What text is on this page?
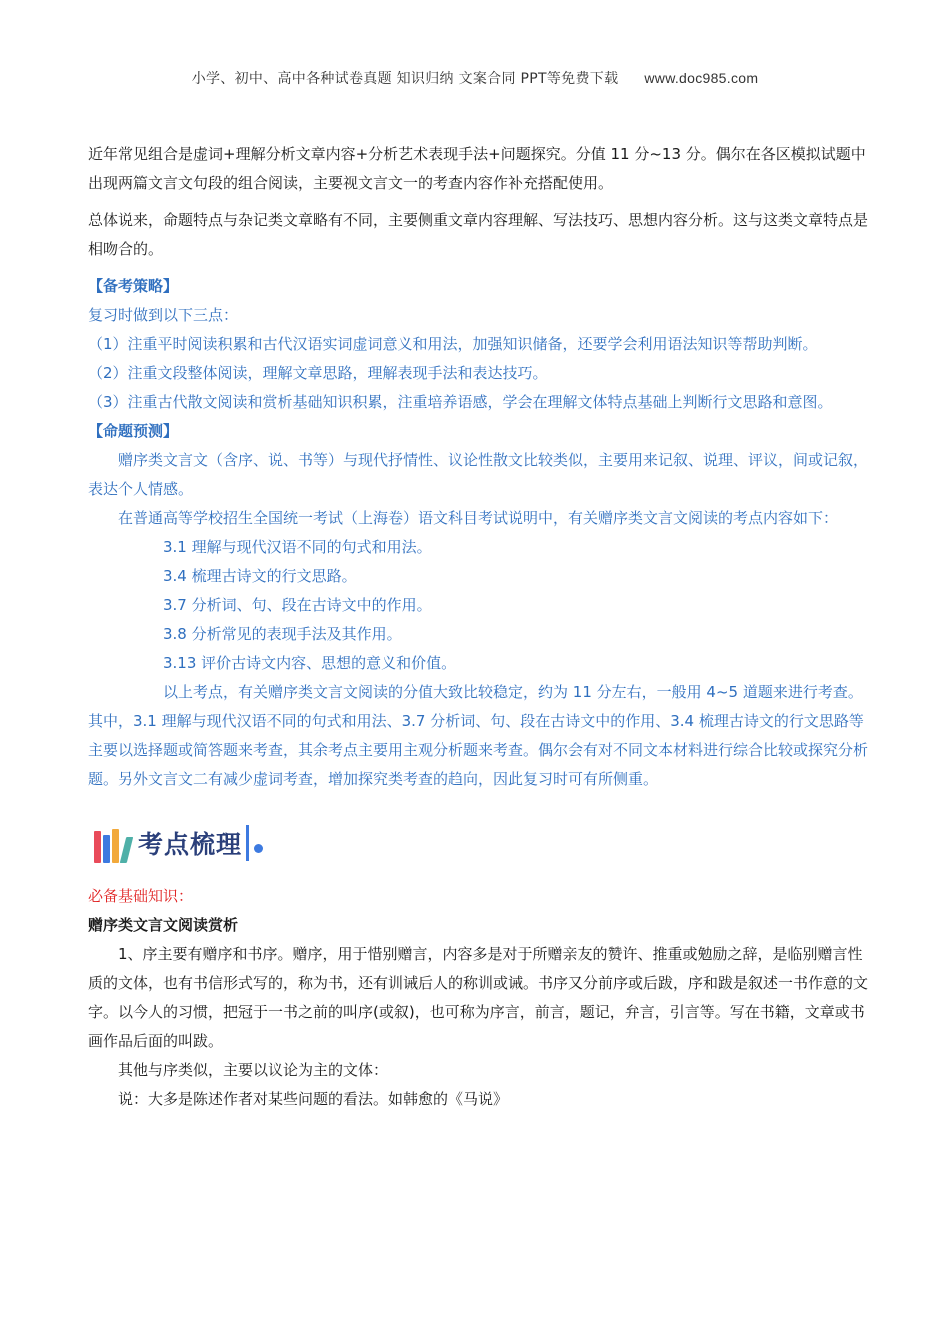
小学、初中、高中各种试卷真题 知识归纳 文案合同 PPT等免费下载 www.doc985.com

近年常见组合是虚词+理解分析文章内容+分析艺术表现手法+问题探究。分值 11 分~13 分。偶尔在各区模拟试题中出现两篇文言文句段的组合阅读，主要视文言文一的考查内容作补充搭配使用。

总体说来，命题特点与杂记类文章略有不同，主要侧重文章内容理解、写法技巧、思想内容分析。这与这类文章特点是相吻合的。

【备考策略】

复习时做到以下三点：

（1）注重平时阅读积累和古代汉语实词虚词意义和用法，加强知识储备，还要学会利用语法知识等帮助判断。

（2）注重文段整体阅读，理解文章思路，理解表现手法和表达技巧。

（3）注重古代散文阅读和赏析基础知识积累，注重培养语感，学会在理解文体特点基础上判断行文思路和意图。

【命题预测】

赠序类文言文（含序、说、书等）与现代抒情性、议论性散文比较类似，主要用来记叙、说理、评议，间或记叙，表达个人情感。

在普通高等学校招生全国统一考试（上海卷）语文科目考试说明中，有关赠序类文言文阅读的考点内容如下：

3.1 理解与现代汉语不同的句式和用法。

3.4 梳理古诗文的行文思路。

3.7 分析词、句、段在古诗文中的作用。

3.8 分析常见的表现手法及其作用。

3.13 评价古诗文内容、思想的意义和价值。

以上考点，有关赠序类文言文阅读的分值大致比较稳定，约为 11 分左右，一般用 4~5 道题来进行考查。其中，3.1 理解与现代汉语不同的句式和用法、3.7 分析词、句、段在古诗文中的作用、3.4 梳理古诗文的行文思路等主要以选择题或简答题来考查，其余考点主要用主观分析题来考查。偶尔会有对不同文本材料进行综合比较或探究分析题。另外文言文二有减少虚词考查，增加探究类考查的趋向，因此复习时可有所侧重。

考点梳理

必备基础知识：

赠序类文言文阅读赏析

1、序主要有赠序和书序。赠序，用于惜别赠言，内容多是对于所赠亲友的赞许、推重或勉励之辞，是临别赠言性质的文体，也有书信形式写的，称为书，还有训诫后人的称训或诫。书序又分前序或后跋，序和跋是叙述一书作意的文字。以今人的习惯，把冠于一书之前的叫序(或叙)，也可称为序言，前言，题记，弁言，引言等。写在书籍，文章或书画作品后面的叫跋。

其他与序类似，主要以议论为主的文体：

说：大多是陈述作者对某些问题的看法。如韩愈的《马说》
